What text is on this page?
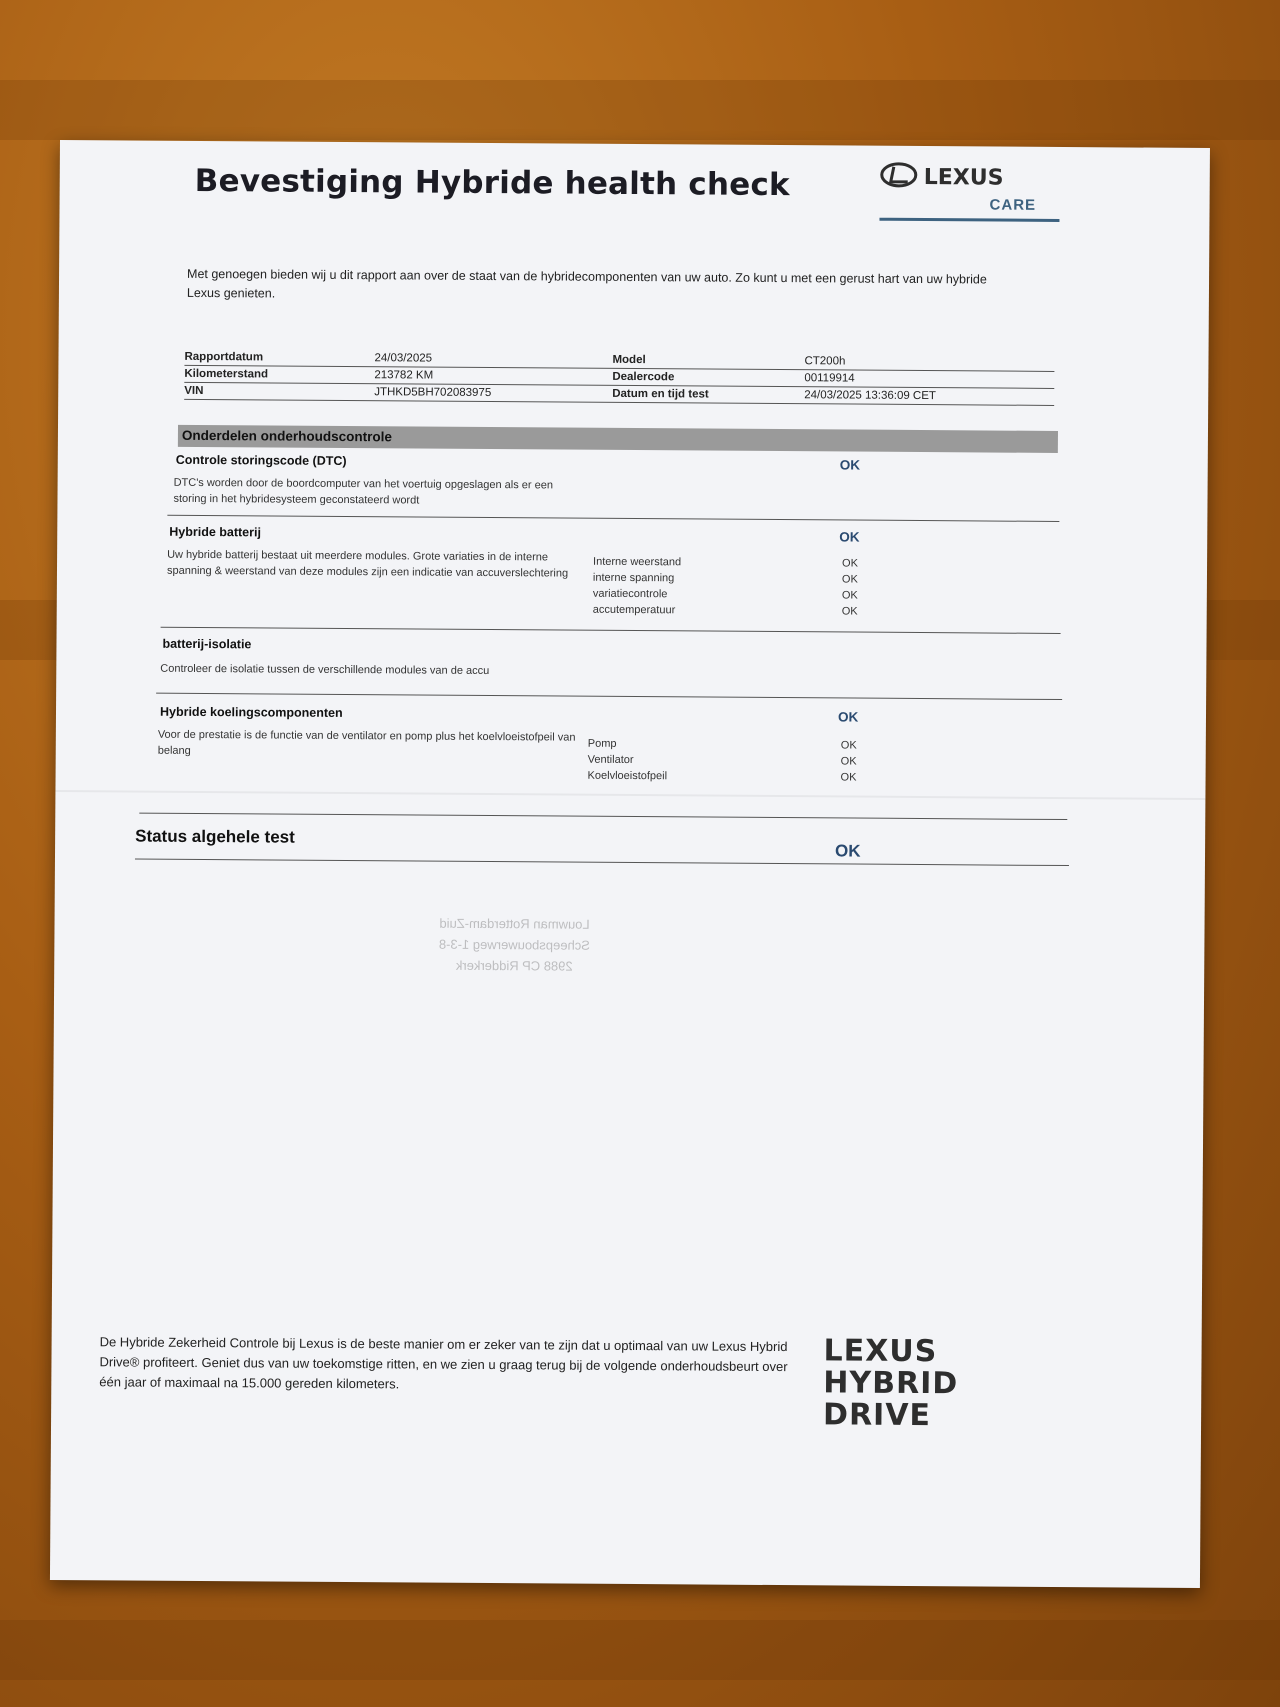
Bevestiging Hybride health check	LEXUS
CARE
Met genoegen bieden wij u dit rapport aan over de staat van de hybridecomponenten van uw auto. Zo kunt u met een gerust hart van uw hybride Lexus genieten.
Rapportdatum	24/03/2025	Model	CT200h
Kilometerstand	213782 KM	Dealercode	00119914
VIN	JTHKD5BH702083975	Datum en tijd test	24/03/2025 13:36:09 CET
Onderdelen onderhoudscontrole
Controle storingscode (DTC)	OK
DTC's worden door de boordcomputer van het voertuig opgeslagen als er een storing in het hybridesysteem geconstateerd wordt
Hybride batterij	OK
Uw hybride batterij bestaat uit meerdere modules. Grote variaties in de interne spanning & weerstand van deze modules zijn een indicatie van accuverslechtering
Interne weerstand	OK
interne spanning	OK
variatiecontrole	OK
accutemperatuur	OK
batterij-isolatie
Controleer de isolatie tussen de verschillende modules van de accu
Hybride koelingscomponenten	OK
Voor de prestatie is de functie van de ventilator en pomp plus het koelvloeistofpeil van belang
Pomp	OK
Ventilator	OK
Koelvloeistofpeil	OK
Status algehele test
OK
Louwman Rotterdam-Zuid
Scheepsbouwerweg 1-3-8
2988 CP Ridderkerk
De Hybride Zekerheid Controle bij Lexus is de beste manier om er zeker van te zijn dat u optimaal van uw Lexus Hybrid Drive® profiteert. Geniet dus van uw toekomstige ritten, en we zien u graag terug bij de volgende onderhoudsbeurt over één jaar of maximaal na 15.000 gereden kilometers.
LEXUS
HYBRID
DRIVE
